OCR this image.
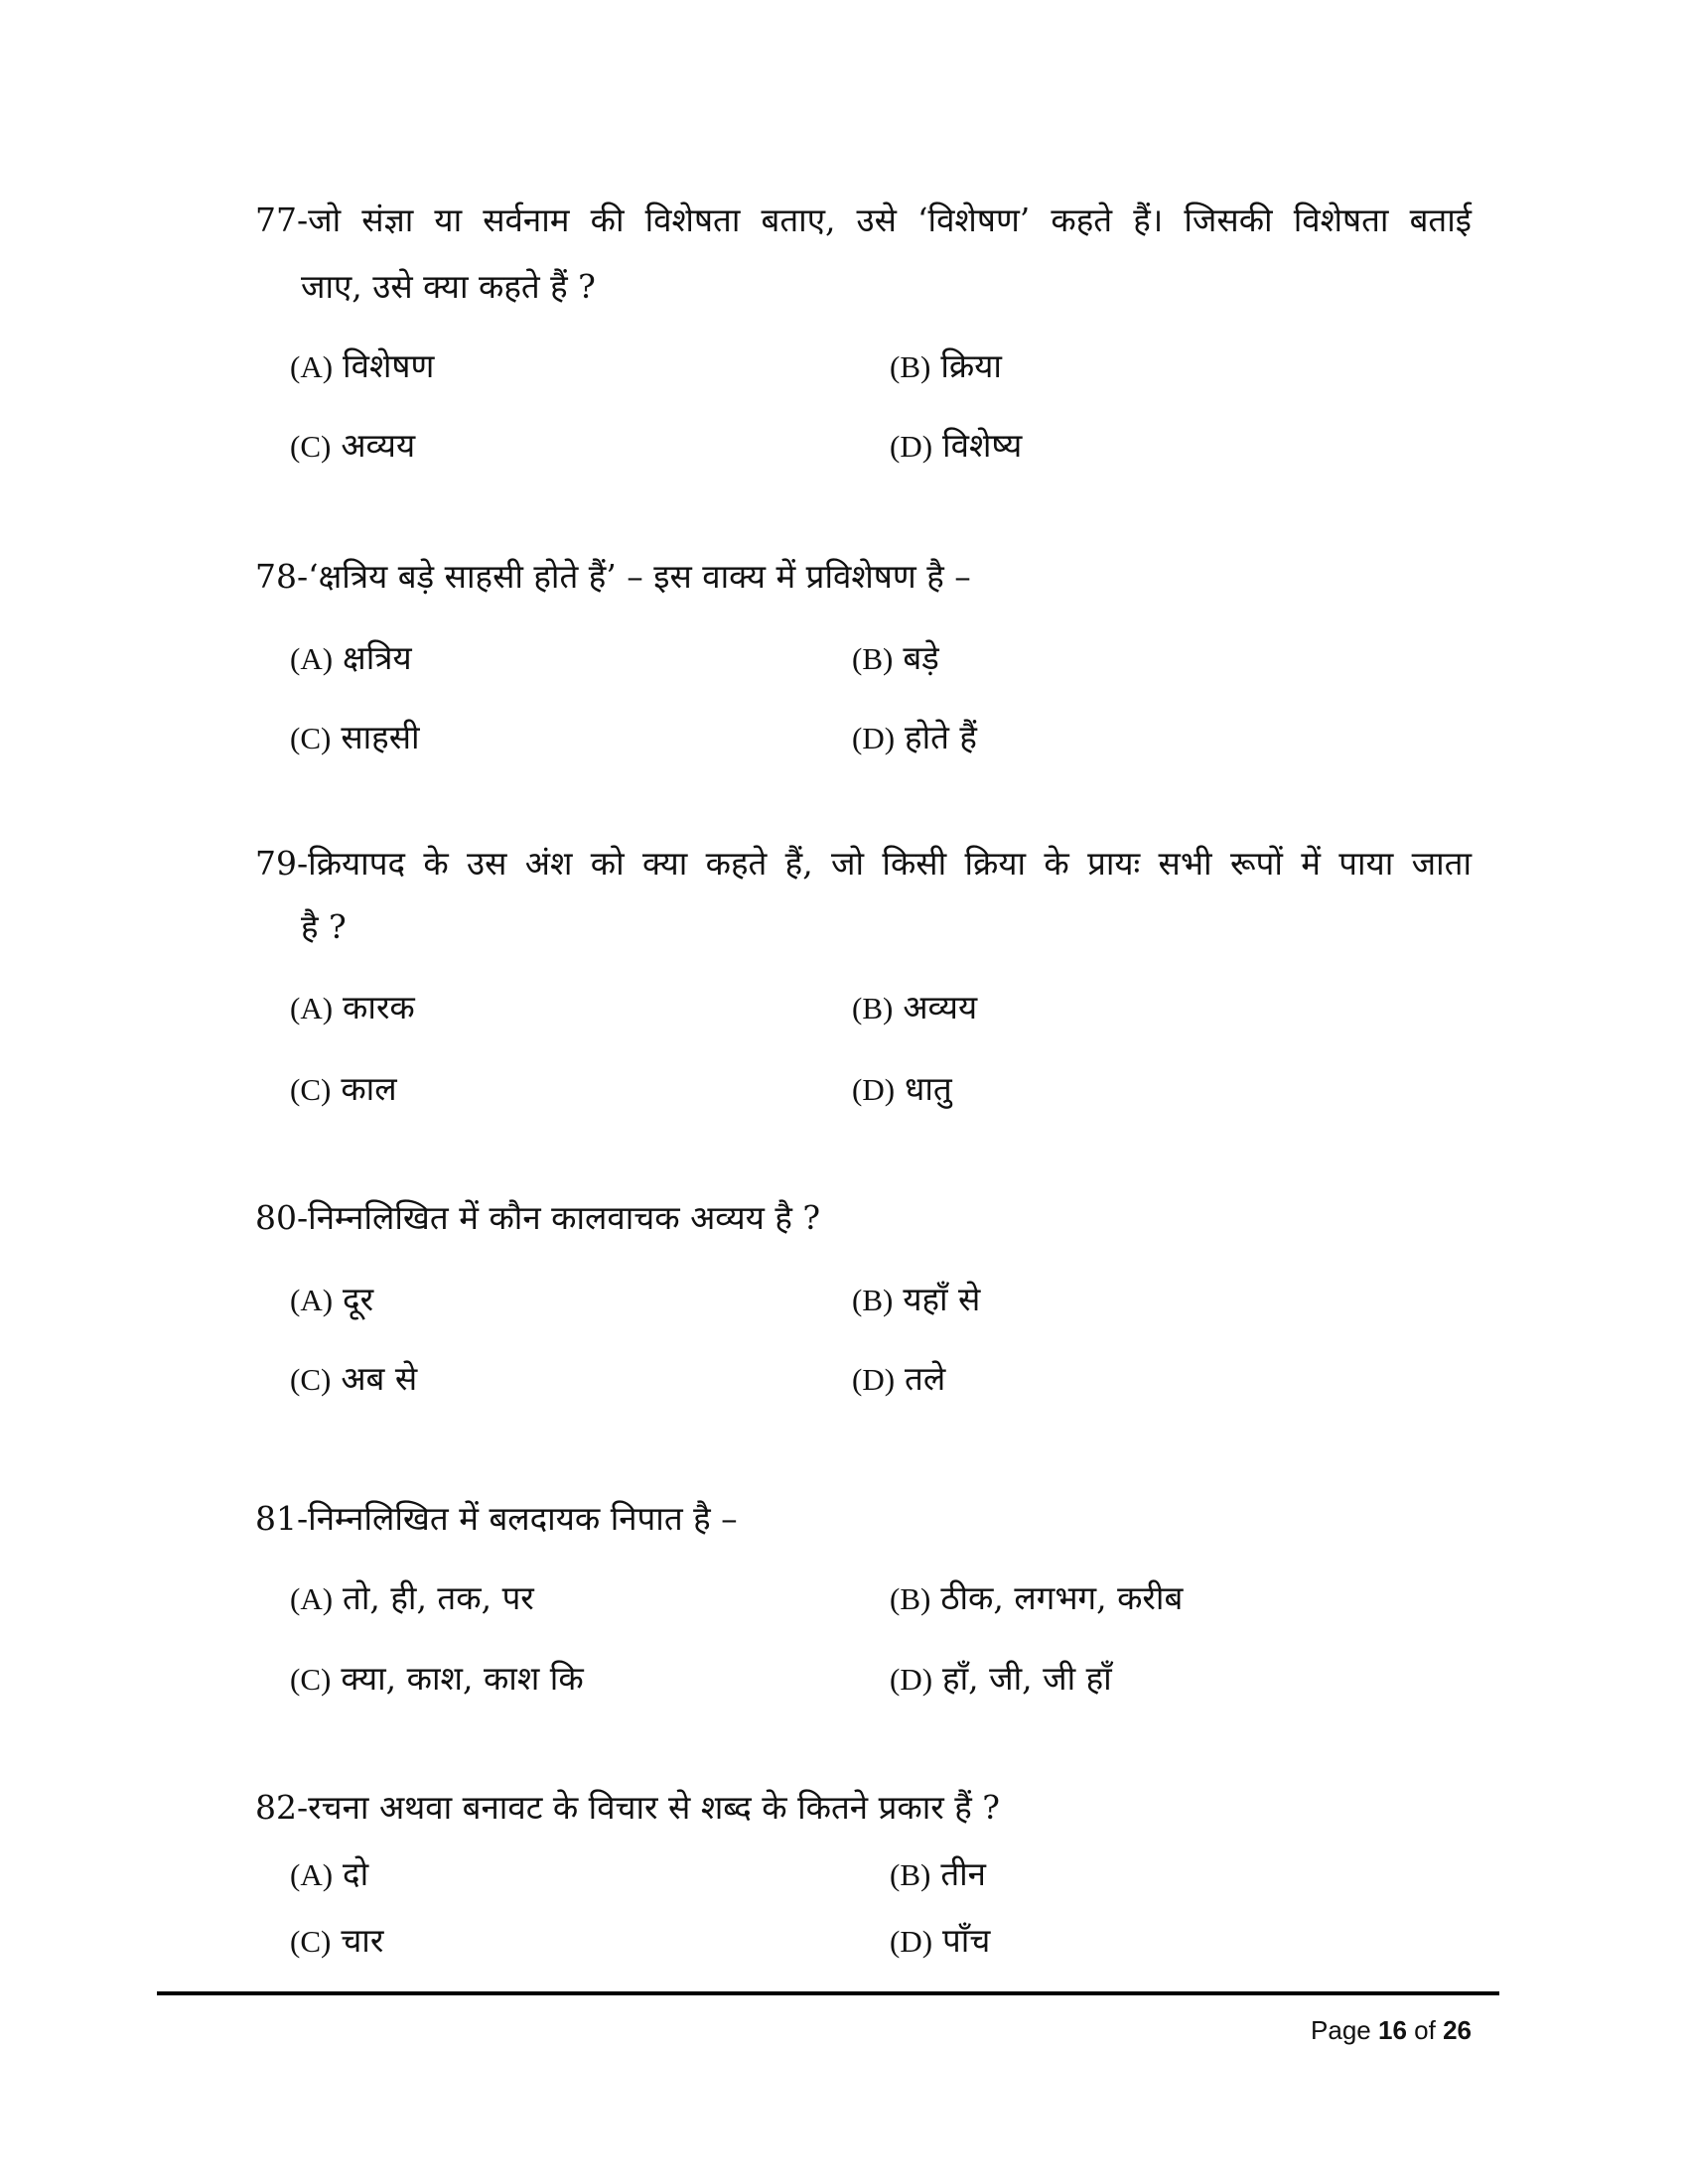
77-जो संज्ञा या सर्वनाम की विशेषता बताए, उसे ‘विशेषण’ कहते हैं। जिसकी विशेषता बताई
जाए, उसे क्या कहते हैं ?
(A) विशेषण	(B) क्रिया
(C) अव्यय	(D) विशेष्य
78-‘क्षत्रिय बड़े साहसी होते हैं’ – इस वाक्य में प्रविशेषण है –
(A) क्षत्रिय	(B) बड़े
(C) साहसी	(D) होते हैं
79-क्रियापद के उस अंश को क्या कहते हैं, जो किसी क्रिया के प्रायः सभी रूपों में पाया जाता
है ?
(A) कारक	(B) अव्यय
(C) काल	(D) धातु
80-निम्नलिखित में कौन कालवाचक अव्यय है ?
(A) दूर	(B) यहाँ से
(C) अब से	(D) तले
81-निम्नलिखित में बलदायक निपात है –
(A) तो, ही, तक, पर	(B) ठीक, लगभग, करीब
(C) क्या, काश, काश कि	(D) हाँ, जी, जी हाँ
82-रचना अथवा बनावट के विचार से शब्द के कितने प्रकार हैं ?
(A) दो	(B) तीन
(C) चार	(D) पाँच
Page 16 of 26
